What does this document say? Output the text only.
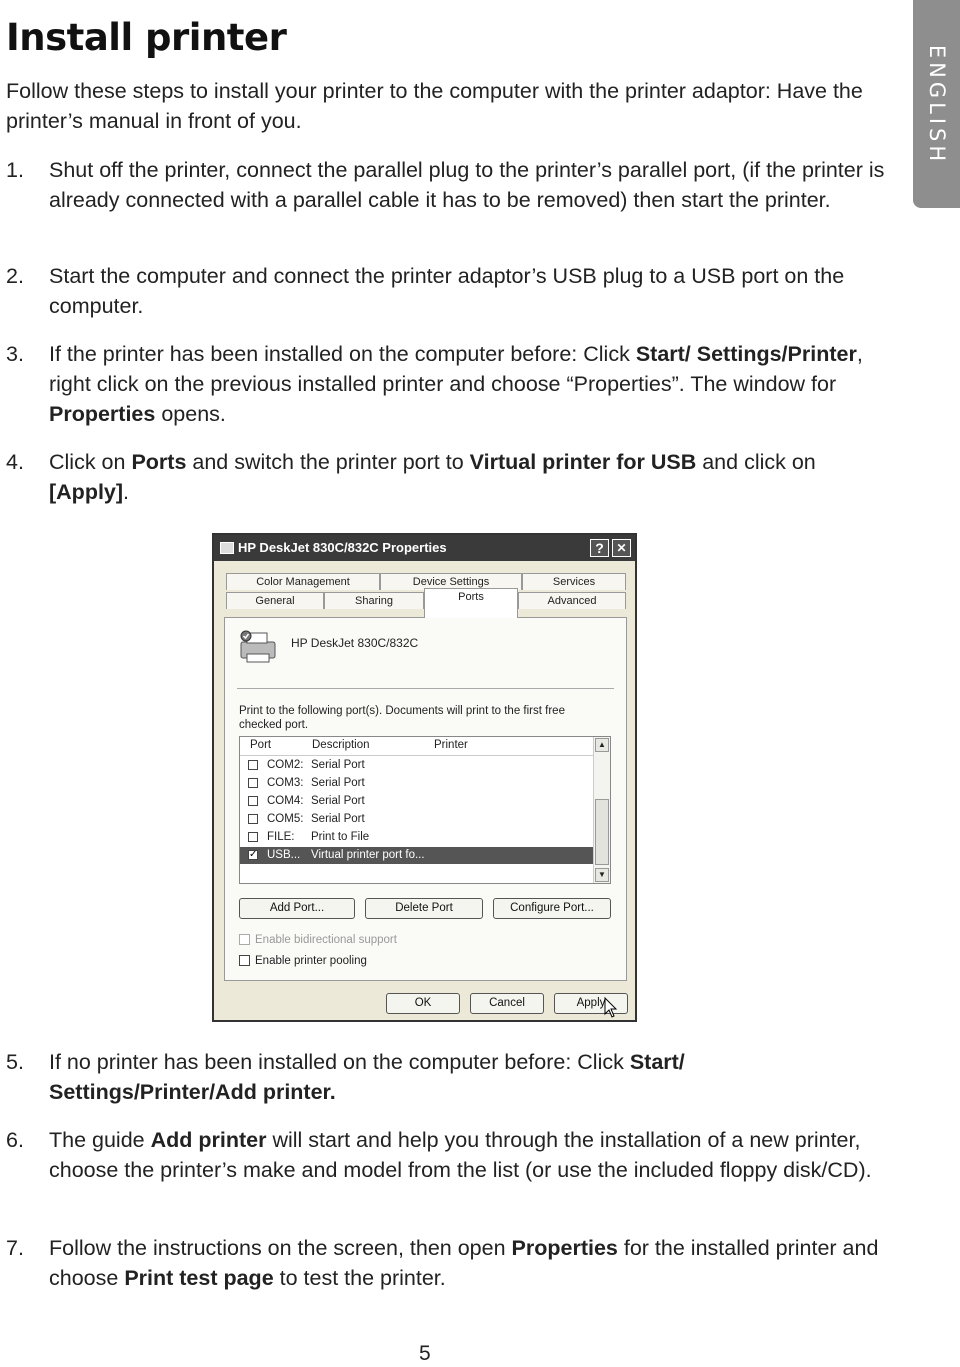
Install printer
ENGLISH

Follow these steps to install your printer to the computer with the printer adaptor: Have the printer’s manual in front of you.

1. Shut off the printer, connect the parallel plug to the printer’s parallel port, (if the printer is already connected with a parallel cable it has to be removed) then start the printer.
2. Start the computer and connect the printer adaptor’s USB plug to a USB port on the computer.
3. If the printer has been installed on the computer before: Click Start/ Settings/Printer, right click on the previous installed printer and choose “Properties”. The window for Properties opens.
4. Click on Ports and switch the printer port to Virtual printer for USB and click on [Apply].
5. If no printer has been installed on the computer before: Click Start/ Settings/Printer/Add printer.
6. The guide Add printer will start and help you through the installation of a new printer, choose the printer’s make and model from the list (or use the included floppy disk/CD).
7. Follow the instructions on the screen, then open Properties for the installed printer and choose Print test page to test the printer.
HP DeskJet 830C/832C Properties	?	✕
Color Management	Device Settings	Services
General	Sharing	Ports	Advanced
HP DeskJet 830C/832C
Print to the following port(s). Documents will print to the first free checked port.
Port	Description	Printer
COM2: Serial Port
COM3: Serial Port
COM4: Serial Port
COM5: Serial Port
FILE: Print to File
✓ USB... Virtual printer port fo...
▲
▼
Add Port...	Delete Port	Configure Port...
Enable bidirectional support
Enable printer pooling
OK	Cancel	Apply
5
